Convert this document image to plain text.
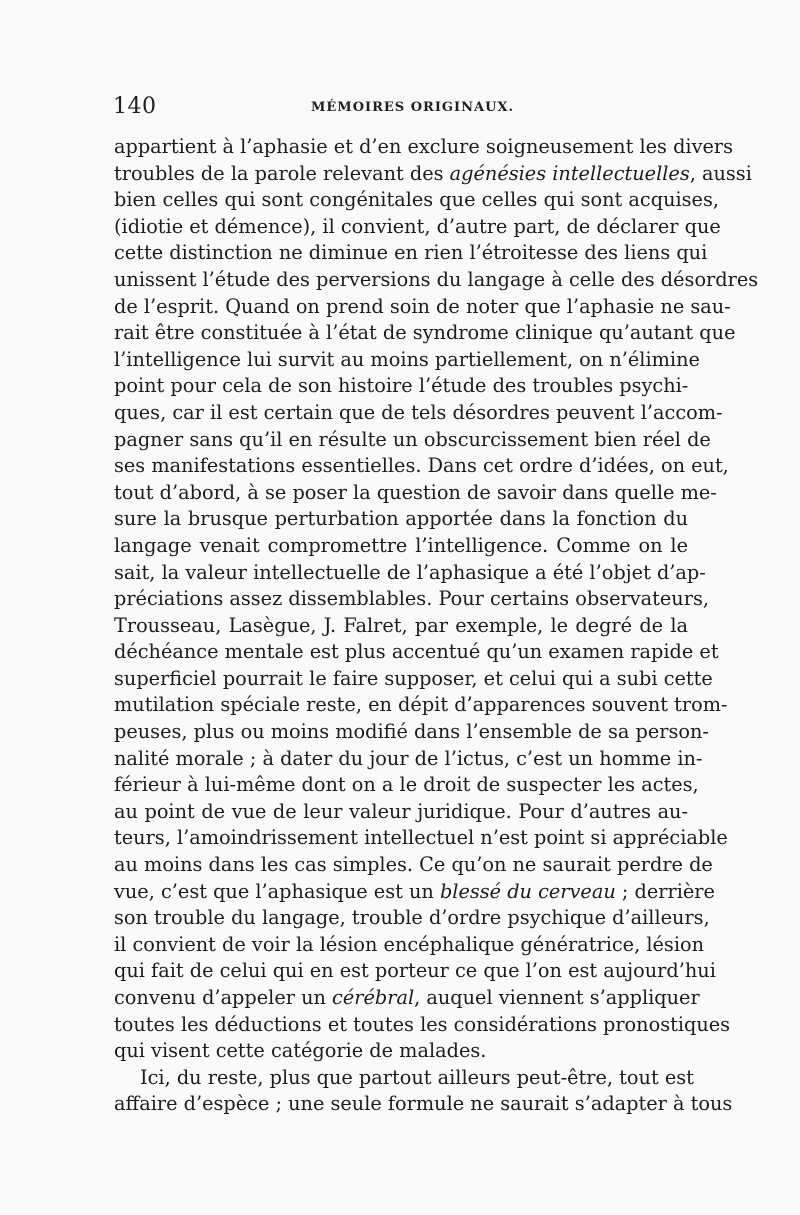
140	MÉMOIRES ORIGINAUX.
appartient à l’aphasie et d’en exclure soigneusement les divers
troubles de la parole relevant des agénésies intellectuelles, aussi
bien celles qui sont congénitales que celles qui sont acquises,
(idiotie et démence), il convient, d’autre part, de déclarer que
cette distinction ne diminue en rien l’étroitesse des liens qui
unissent l’étude des perversions du langage à celle des désordres
de l’esprit. Quand on prend soin de noter que l’aphasie ne sau-
rait être constituée à l’état de syndrome clinique qu’autant que
l’intelligence lui survit au moins partiellement, on n’élimine
point pour cela de son histoire l’étude des troubles psychi-
ques, car il est certain que de tels désordres peuvent l’accom-
pagner sans qu’il en résulte un obscurcissement bien réel de
ses manifestations essentielles. Dans cet ordre d’idées, on eut,
tout d’abord, à se poser la question de savoir dans quelle me-
sure la brusque perturbation apportée dans la fonction du
langage venait compromettre l’intelligence. Comme on le
sait, la valeur intellectuelle de l’aphasique a été l’objet d’ap-
préciations assez dissemblables. Pour certains observateurs,
Trousseau, Lasègue, J. Falret, par exemple, le degré de la
déchéance mentale est plus accentué qu’un examen rapide et
superficiel pourrait le faire supposer, et celui qui a subi cette
mutilation spéciale reste, en dépit d’apparences souvent trom-
peuses, plus ou moins modifié dans l’ensemble de sa person-
nalité morale ; à dater du jour de l’ictus, c’est un homme in-
férieur à lui-même dont on a le droit de suspecter les actes,
au point de vue de leur valeur juridique. Pour d’autres au-
teurs, l’amoindrissement intellectuel n’est point si appréciable
au moins dans les cas simples. Ce qu’on ne saurait perdre de
vue, c’est que l’aphasique est un blessé du cerveau ; derrière
son trouble du langage, trouble d’ordre psychique d’ailleurs,
il convient de voir la lésion encéphalique génératrice, lésion
qui fait de celui qui en est porteur ce que l’on est aujourd’hui
convenu d’appeler un cérébral, auquel viennent s’appliquer
toutes les déductions et toutes les considérations pronostiques
qui visent cette catégorie de malades.
Ici, du reste, plus que partout ailleurs peut-être, tout est
affaire d’espèce ; une seule formule ne saurait s’adapter à tous
